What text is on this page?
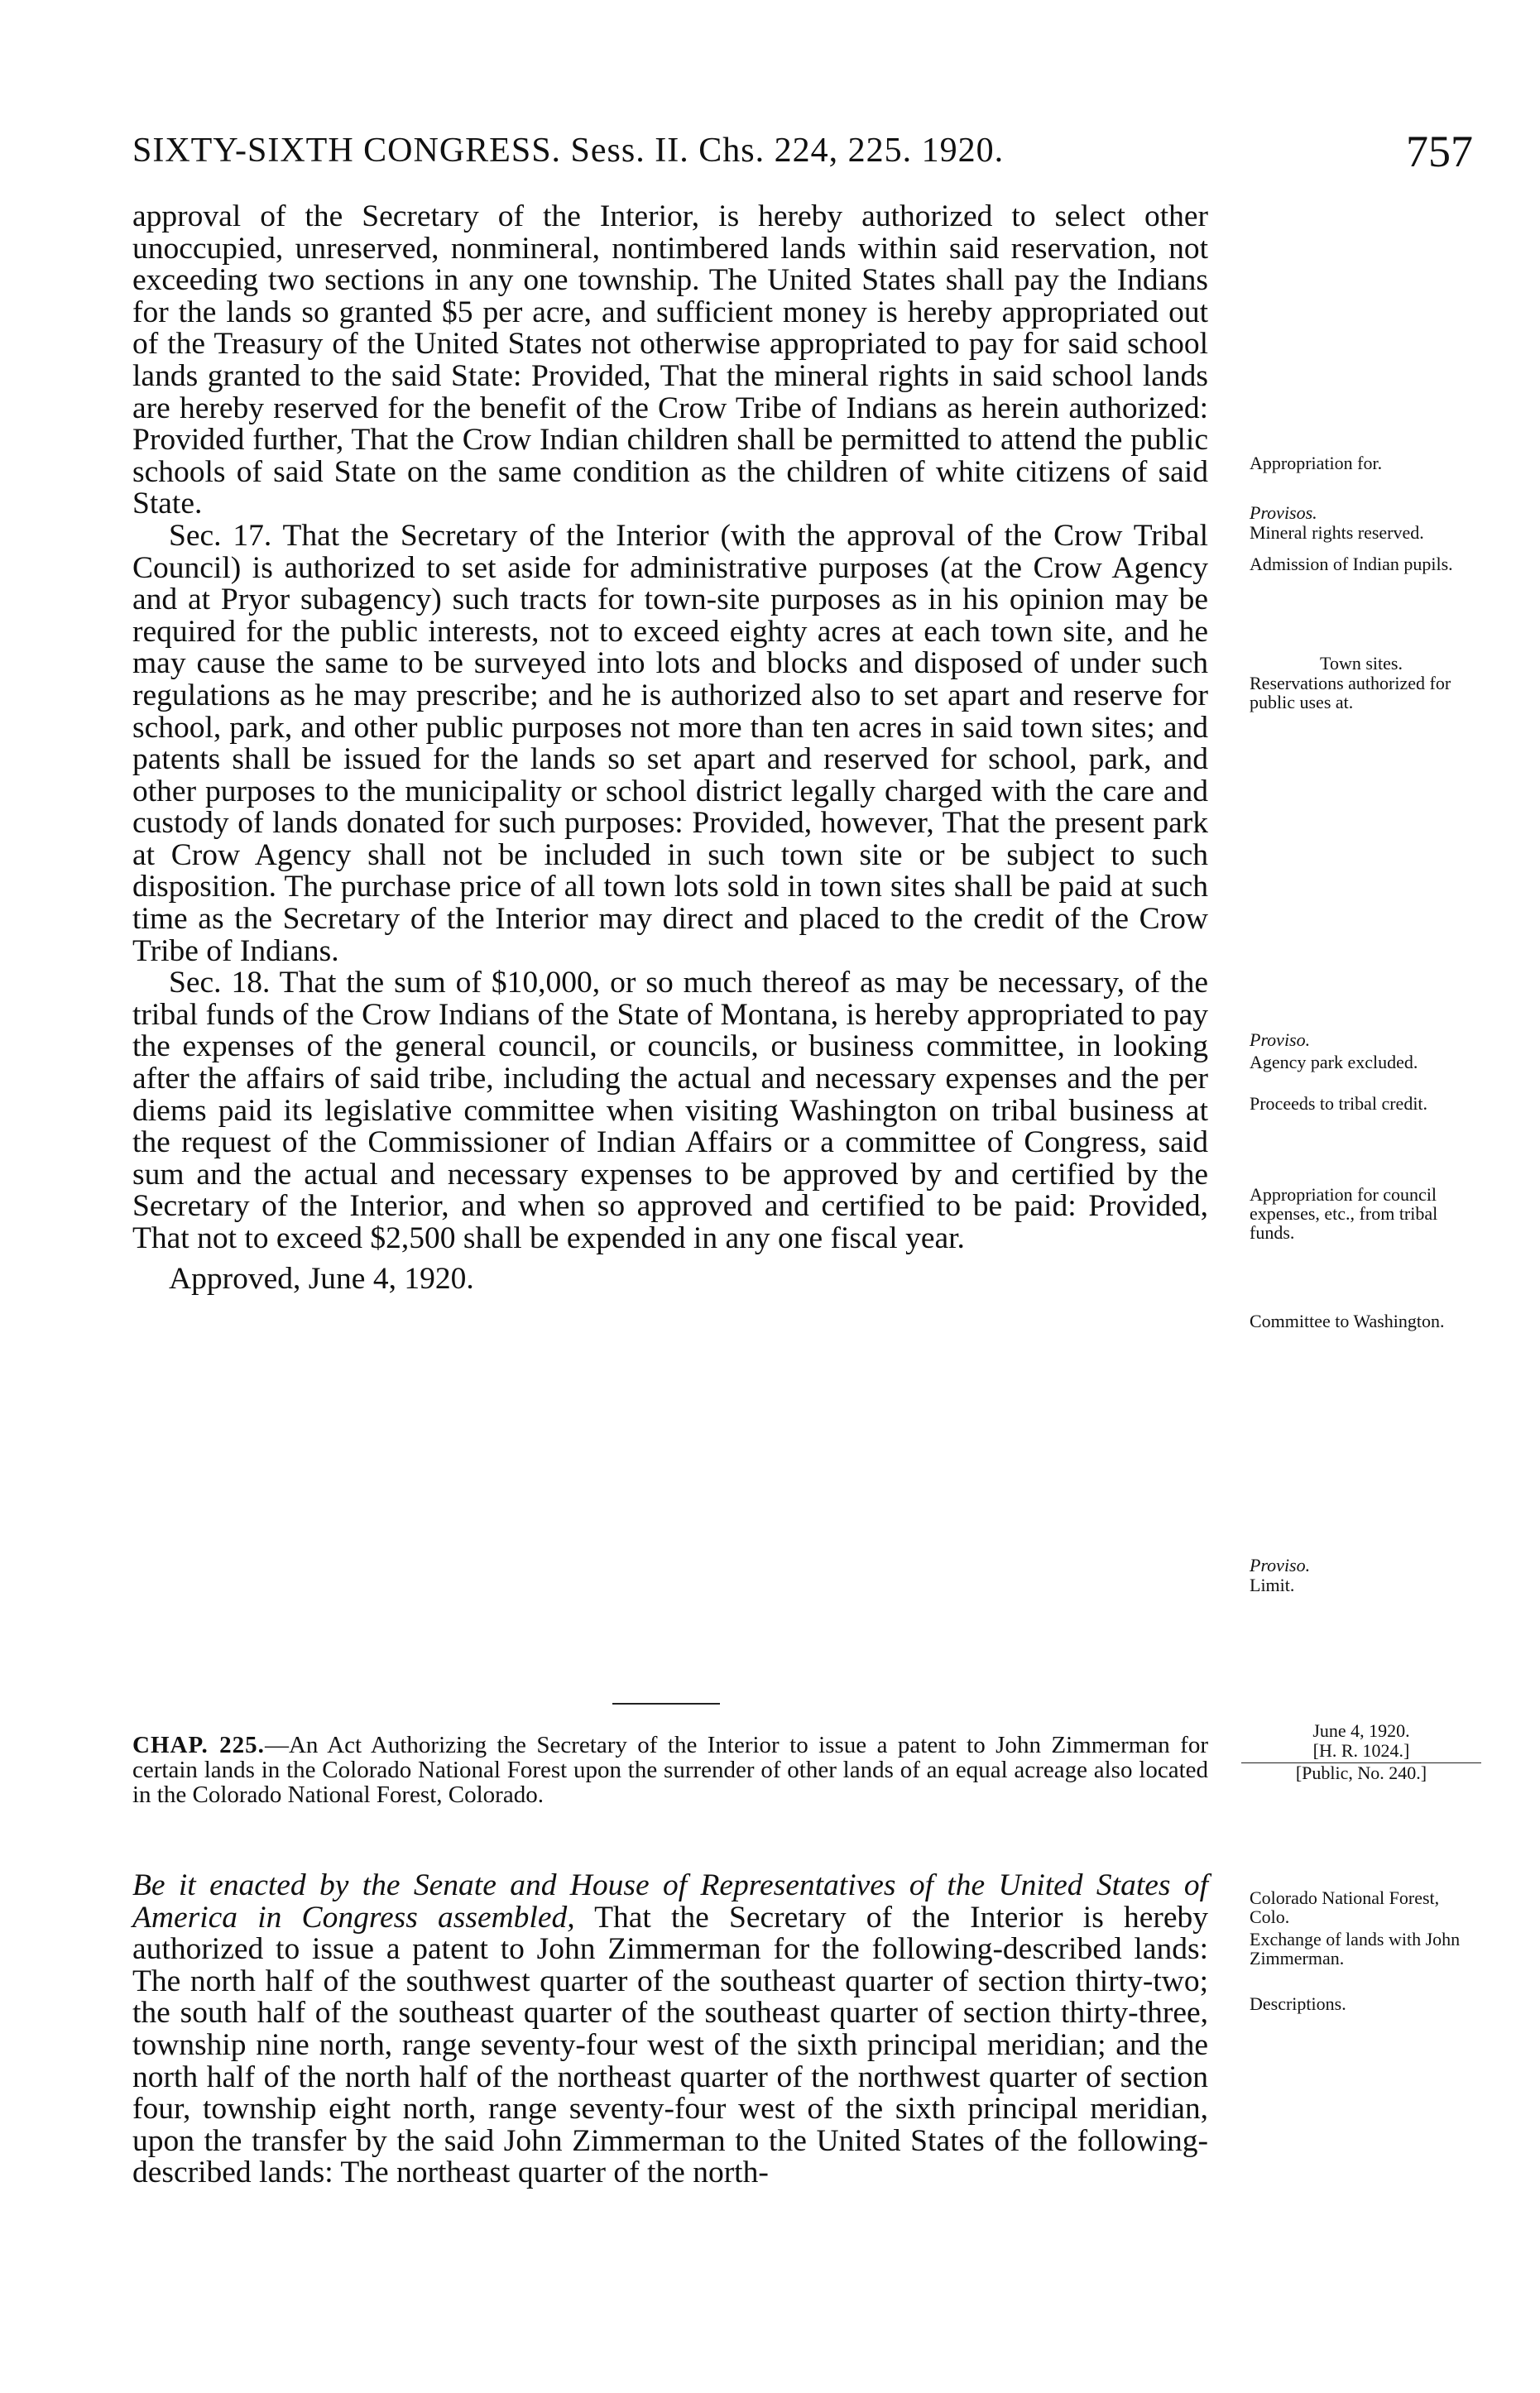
SIXTY-SIXTH CONGRESS. Sess. II. Chs. 224, 225. 1920.	757

approval of the Secretary of the Interior, is hereby authorized to select other unoccupied, unreserved, nonmineral, nontimbered lands within said reservation, not exceeding two sections in any one township. The United States shall pay the Indians for the lands so granted $5 per acre, and sufficient money is hereby appropriated out of the Treasury of the United States not otherwise appropriated to pay for said school lands granted to the said State: Provided, That the mineral rights in said school lands are hereby reserved for the benefit of the Crow Tribe of Indians as herein authorized: Provided further, That the Crow Indian children shall be permitted to attend the public schools of said State on the same condition as the children of white citizens of said State.

Sec. 17. That the Secretary of the Interior (with the approval of the Crow Tribal Council) is authorized to set aside for administrative purposes (at the Crow Agency and at Pryor subagency) such tracts for town-site purposes as in his opinion may be required for the public interests, not to exceed eighty acres at each town site, and he may cause the same to be surveyed into lots and blocks and disposed of under such regulations as he may prescribe; and he is authorized also to set apart and reserve for school, park, and other public purposes not more than ten acres in said town sites; and patents shall be issued for the lands so set apart and reserved for school, park, and other purposes to the municipality or school district legally charged with the care and custody of lands donated for such purposes: Provided, however, That the present park at Crow Agency shall not be included in such town site or be subject to such disposition. The purchase price of all town lots sold in town sites shall be paid at such time as the Secretary of the Interior may direct and placed to the credit of the Crow Tribe of Indians.

Sec. 18. That the sum of $10,000, or so much thereof as may be necessary, of the tribal funds of the Crow Indians of the State of Montana, is hereby appropriated to pay the expenses of the general council, or councils, or business committee, in looking after the affairs of said tribe, including the actual and necessary expenses and the per diems paid its legislative committee when visiting Washington on tribal business at the request of the Commissioner of Indian Affairs or a committee of Congress, said sum and the actual and necessary expenses to be approved by and certified by the Secretary of the Interior, and when so approved and certified to be paid: Provided, That not to exceed $2,500 shall be expended in any one fiscal year.

Approved, June 4, 1920.

Appropriation for.
Provisos.
Mineral rights reserved.
Admission of Indian pupils.
Town sites.
Reservations authorized for public uses at.
Proviso.
Agency park excluded.
Proceeds to tribal credit.
Appropriation for council expenses, etc., from tribal funds.
Committee to Washington.
Proviso.
Limit.
CHAP. 225.—An Act Authorizing the Secretary of the Interior to issue a patent to John Zimmerman for certain lands in the Colorado National Forest upon the surrender of other lands of an equal acreage also located in the Colorado National Forest, Colorado.
June 4, 1920.
[H. R. 1024.]
[Public, No. 240.]
Be it enacted by the Senate and House of Representatives of the United States of America in Congress assembled, That the Secretary of the Interior is hereby authorized to issue a patent to John Zimmerman for the following-described lands: The north half of the southwest quarter of the southeast quarter of section thirty-two; the south half of the southeast quarter of the southeast quarter of section thirty-three, township nine north, range seventy-four west of the sixth principal meridian; and the north half of the north half of the northeast quarter of the northwest quarter of section four, township eight north, range seventy-four west of the sixth principal meridian, upon the transfer by the said John Zimmerman to the United States of the following-described lands: The northeast quarter of the north-
Colorado National Forest, Colo.
Exchange of lands with John Zimmerman.
Descriptions.
